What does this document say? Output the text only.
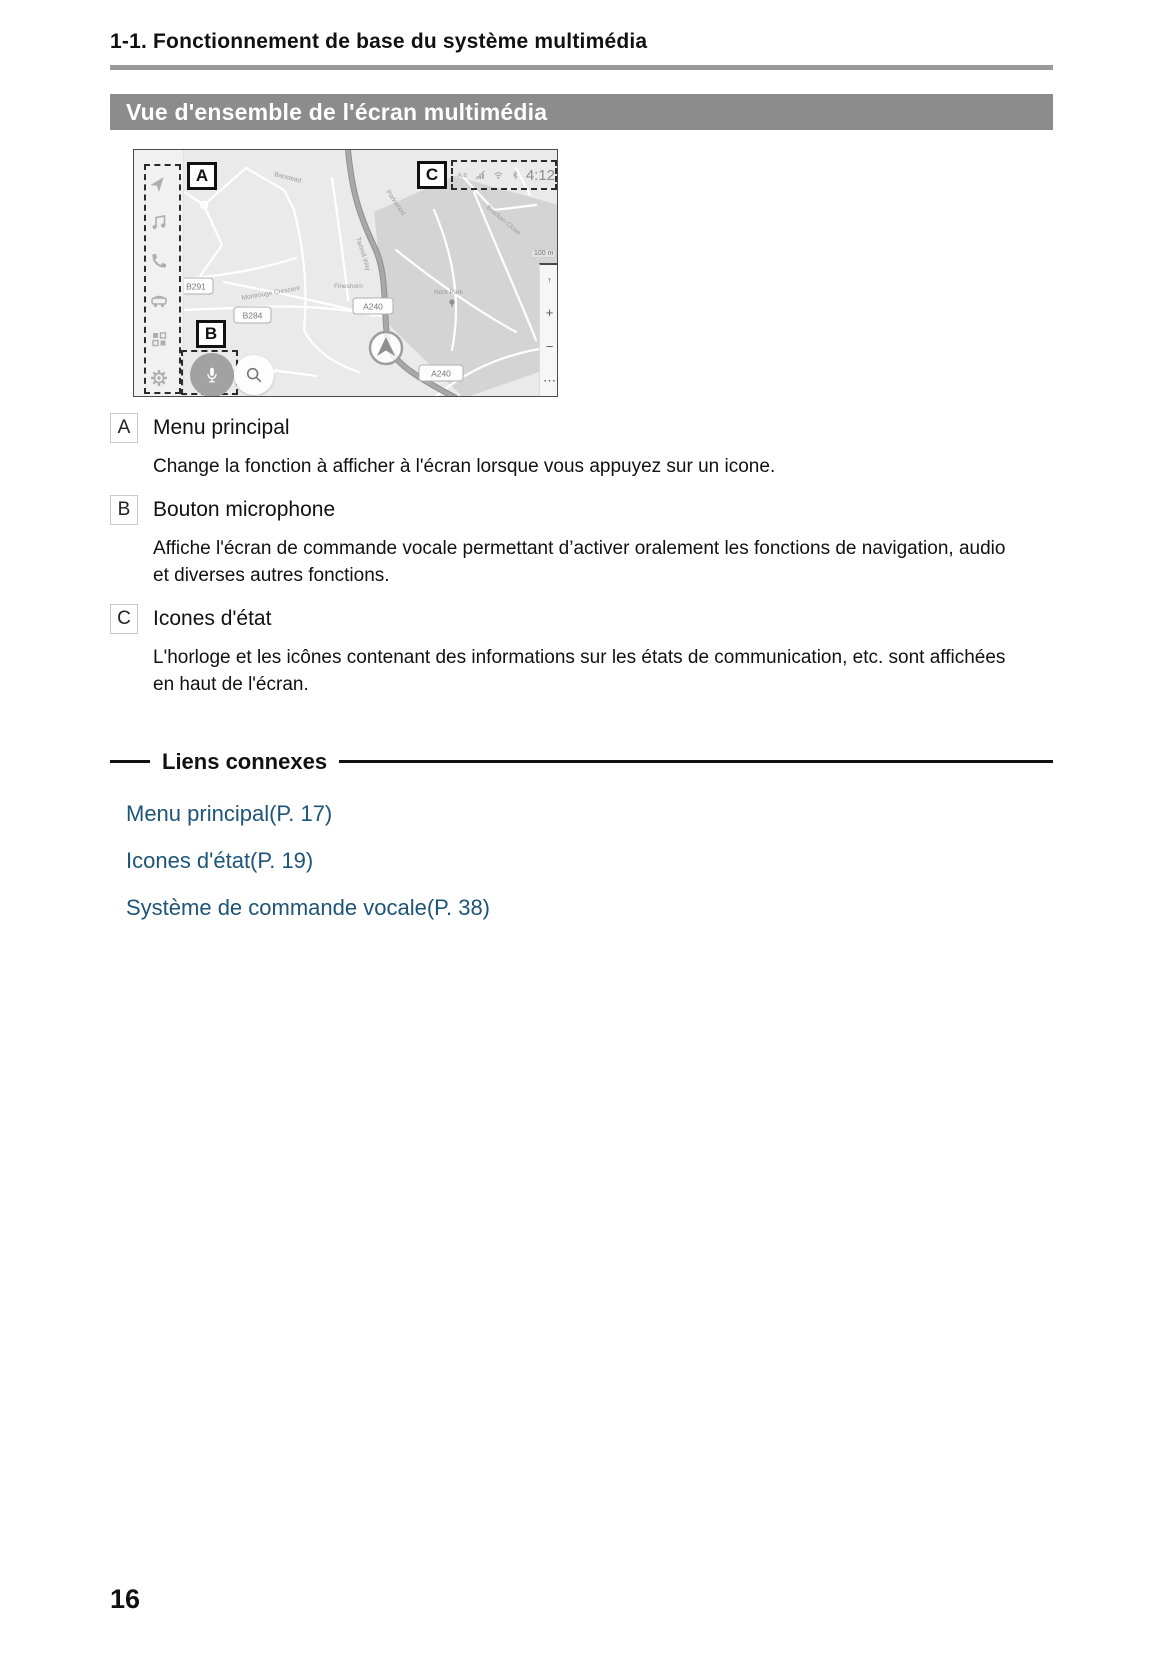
1-1. Fonctionnement de base du système multimédia
Vue d'ensemble de l'écran multimédia
Banstead
Tadmill Way
Montrouge Crescent	Fineshorn
Nork Park
Parkwood
Bracken Close
B291
B284
A240
A240
A
B
C	A	4:12
100 m
↑
+
−
⋯
A	Menu principal
Change la fonction à afficher à l'écran lorsque vous appuyez sur un icone.
B	Bouton microphone
Affiche l'écran de commande vocale permettant d’activer oralement les fonctions de navigation, audio et diverses autres fonctions.
C	Icones d'état
L'horloge et les icônes contenant des informations sur les états de communication, etc. sont affichées en haut de l'écran.
Liens connexes
Menu principal(P. 17)
Icones d'état(P. 19)
Système de commande vocale(P. 38)
16
